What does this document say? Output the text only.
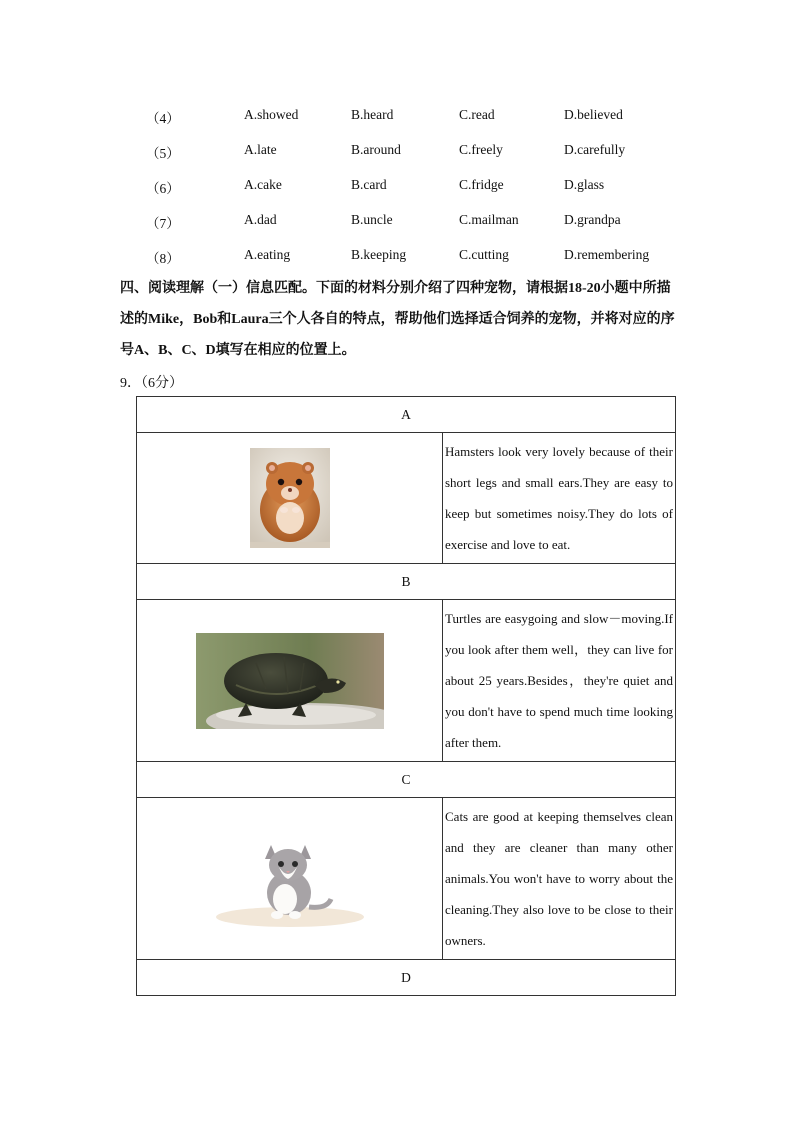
（4）	A.showed	B.heard	C.read	D.believed
（5）	A.late	B.around	C.freely	D.carefully
（6）	A.cake	B.card	C.fridge	D.glass
（7）	A.dad	B.uncle	C.mailman	D.grandpa
（8）	A.eating	B.keeping	C.cutting	D.remembering
四、阅读理解（一）信息匹配。下面的材料分别介绍了四种宠物，请根据18-20小题中所描述的Mike，Bob和Laura三个人各自的特点，帮助他们选择适合饲养的宠物，并将对应的序号A、B、C、D填写在相应的位置上。
9．（6分）
A	
	Hamsters look very lovely because of their short legs and small ears.They are easy to keep but sometimes noisy.They do lots of exercise and love to eat.
B	
	Turtles are easygoing and slow－moving.If you look after them well，they can live for about 25 years.Besides，they're quiet and you don't have to spend much time looking after them.
C	
	Cats are good at keeping themselves clean and they are cleaner than many other animals.You won't have to worry about the cleaning.They also love to be close to their owners.
D	
